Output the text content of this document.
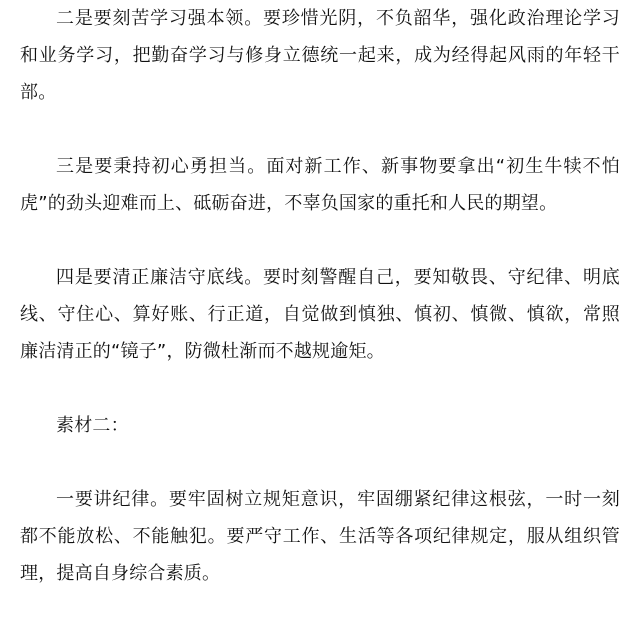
二是要刻苦学习强本领。要珍惜光阴，不负韶华，强化政治理论学习和业务学习，把勤奋学习与修身立德统一起来，成为经得起风雨的年轻干部。

三是要秉持初心勇担当。面对新工作、新事物要拿出“初生牛犊不怕虎”的劲头迎难而上、砥砺奋进，不辜负国家的重托和人民的期望。

四是要清正廉洁守底线。要时刻警醒自己，要知敬畏、守纪律、明底线、守住心、算好账、行正道，自觉做到慎独、慎初、慎微、慎欲，常照廉洁清正的“镜子”，防微杜渐而不越规逾矩。

素材二：

一要讲纪律。要牢固树立规矩意识，牢固绷紧纪律这根弦，一时一刻都不能放松、不能触犯。要严守工作、生活等各项纪律规定，服从组织管理，提高自身综合素质。
